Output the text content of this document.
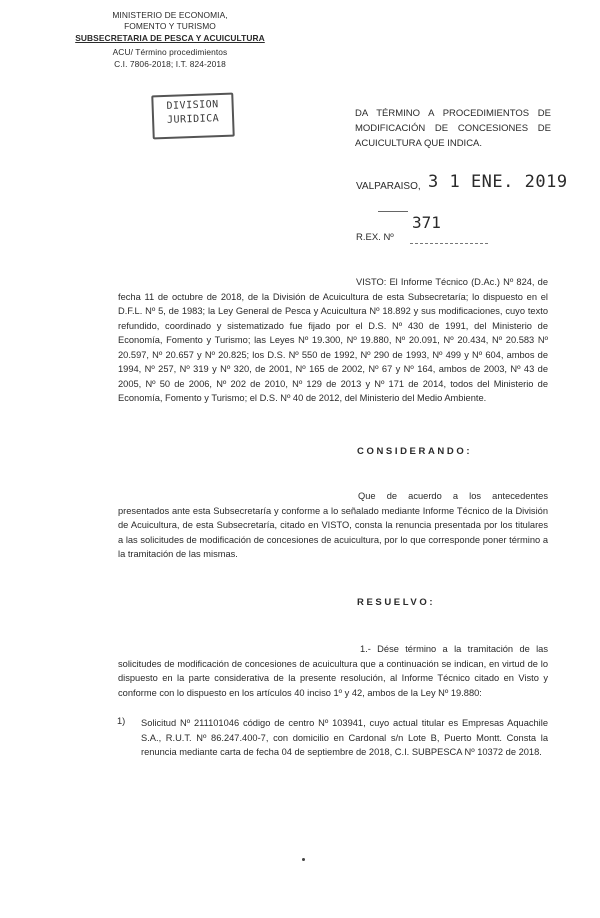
MINISTERIO DE ECONOMIA,
FOMENTO Y TURISMO
SUBSECRETARIA DE PESCA Y ACUICULTURA
ACU/ Término procedimientos
C.I. 7806-2018; I.T. 824-2018
DIVISION
JURIDICA	DA TÉRMINO A PROCEDIMIENTOS DE MODIFICACIÓN DE CONCESIONES DE ACUICULTURA QUE INDICA.
VALPARAISO, 3 1 ENE. 2019
371
R.EX. Nº
VISTO: El Informe Técnico (D.Ac.) Nº 824, de fecha 11 de octubre de 2018, de la División de Acuicultura de esta Subsecretaría; lo dispuesto en el D.F.L. Nº 5, de 1983; la Ley General de Pesca y Acuicultura Nº 18.892 y sus modificaciones, cuyo texto refundido, coordinado y sistematizado fue fijado por el D.S. Nº 430 de 1991, del Ministerio de Economía, Fomento y Turismo; las Leyes Nº 19.300, Nº 19.880, Nº 20.091, Nº 20.434, Nº 20.583 Nº 20.597, Nº 20.657 y Nº 20.825; los D.S. Nº 550 de 1992, Nº 290 de 1993, Nº 499 y Nº 604, ambos de 1994, Nº 257, Nº 319 y Nº 320, de 2001, Nº 165 de 2002, Nº 67 y Nº 164, ambos de 2003, Nº 43 de 2005, Nº 50 de 2006, Nº 202 de 2010, Nº 129 de 2013 y Nº 171 de 2014, todos del Ministerio de Economía, Fomento y Turismo; el D.S. Nº 40 de 2012, del Ministerio del Medio Ambiente.
CONSIDERANDO:
Que de acuerdo a los antecedentes presentados ante esta Subsecretaría y conforme a lo señalado mediante Informe Técnico de la División de Acuicultura, de esta Subsecretaría, citado en VISTO, consta la renuncia presentada por los titulares a las solicitudes de modificación de concesiones de acuicultura, por lo que corresponde poner término a la tramitación de las mismas.
RESUELVO:
1.- Dése término a la tramitación de las solicitudes de modificación de concesiones de acuicultura que a continuación se indican, en virtud de lo dispuesto en la parte considerativa de la presente resolución, al Informe Técnico citado en Visto y conforme con lo dispuesto en los artículos 40 inciso 1º y 42, ambos de la Ley Nº 19.880:
1) Solicitud Nº 211101046 código de centro Nº 103941, cuyo actual titular es Empresas Aquachile S.A., R.U.T. Nº 86.247.400-7, con domicilio en Cardonal s/n Lote B, Puerto Montt. Consta la renuncia mediante carta de fecha 04 de septiembre de 2018, C.I. SUBPESCA Nº 10372 de 2018.
